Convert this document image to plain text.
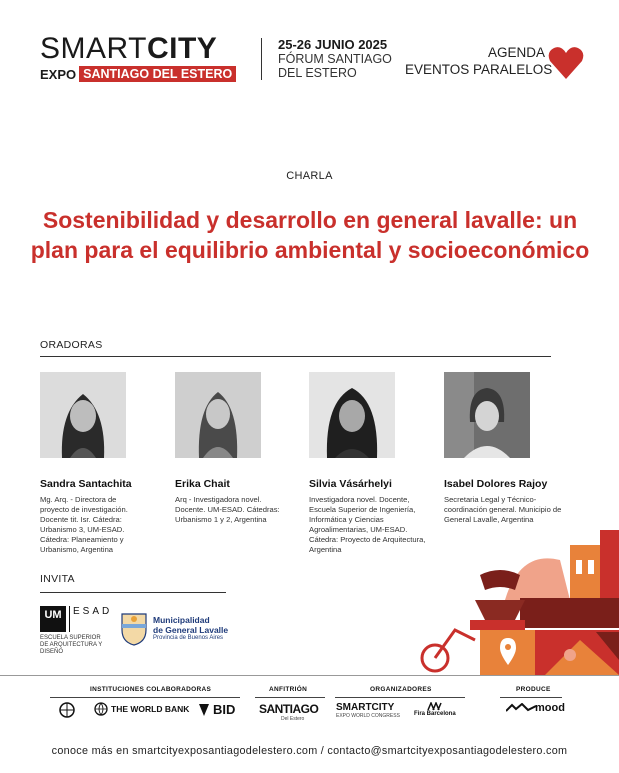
SMARTCITY
EXPO SANTIAGO DEL ESTERO
25-26 JUNIO 2025
FÓRUM SANTIAGO
DEL ESTERO
AGENDA
EVENTOS PARALELOS
CHARLA
Sostenibilidad y desarrollo en general lavalle: un plan para el equilibrio ambiental y socioeconómico
ORADORAS
Sandra Santachita
Mg. Arq. - Directora de proyecto de investigación. Docente tit. Isr. Cátedra: Urbanismo 3, UM-ESAD. Cátedra: Planeamiento y Urbanismo, Argentina
Erika Chait
Arq - Investigadora novel. Docente. UM-ESAD. Cátedras: Urbanismo 1 y 2, Argentina
Silvia Vásárhelyi
Investigadora novel. Docente, Escuela Superior de Ingeniería, Informática y Ciencias Agroalimentarias, UM-ESAD. Cátedra: Proyecto de Arquitectura, Argentina
Isabel Dolores Rajoy
Secretaria Legal y Técnico-coordinación general. Municipio de General Lavalle, Argentina
INVITA
UM	ESAD
ESCUELA SUPERIOR DE ARQUITECTURA Y DISEÑO
Municipalidad
de General Lavalle
Provincia de Buenos Aires
INSTITUCIONES COLABORADORAS	ANFITRIÓN	ORGANIZADORES	PRODUCE
THE WORLD BANK BID SANTIAGO
Del Estero
SMARTCITY
EXPO WORLD CONGRESS Fira Barcelona	mood
conoce más en smartcityexposantiagodelestero.com / contacto@smartcityexposantiagodelestero.com
